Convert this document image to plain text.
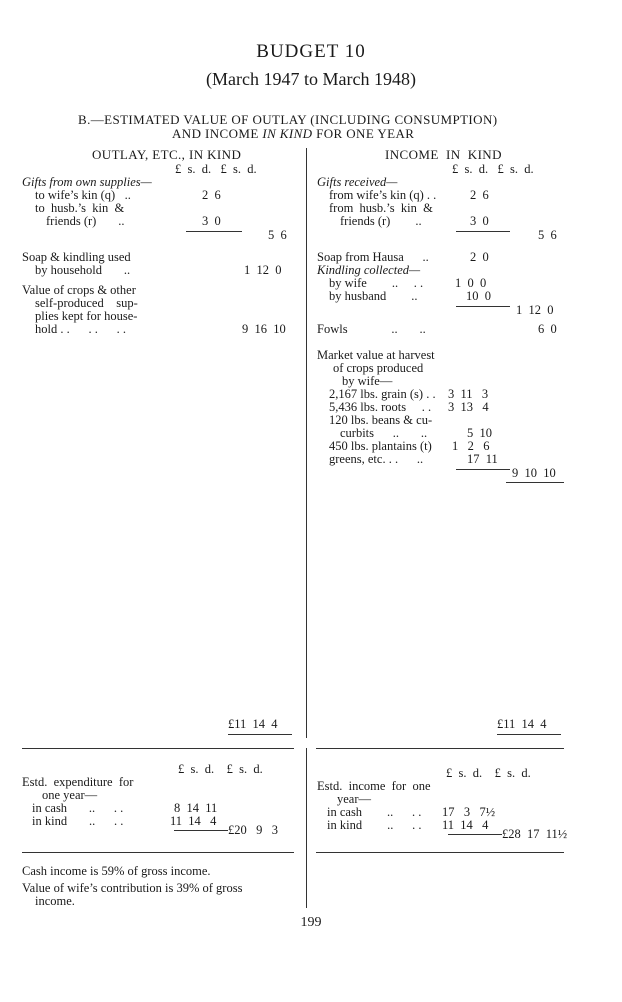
BUDGET 10
(March 1947 to March 1948)
B.—ESTIMATED VALUE OF OUTLAY (INCLUDING CONSUMPTION)
AND INCOME IN KIND FOR ONE YEAR
OUTLAY, ETC., IN KIND
£  s.  d.   £  s.  d.
Gifts from own supplies—
to wife’s kin (q)   ..	2  6
to  husb.’s  kin  &
friends (r)       ..	3  0
5  6
Soap & kindling used
by household       ..	1  12  0
Value of crops & other
self-produced    sup-
plies kept for house-
hold . .      . .      . .	9  16  10
£11  14  4
INCOME  IN  KIND
£  s.  d.   £  s.  d.
Gifts received—
from wife’s kin (q) . .	2  6
from  husb.’s  kin  &
friends (r)        ..	3  0
5  6
Soap from Hausa      ..	2  0
Kindling collected—
by wife        ..     . .	1  0  0
by husband        ..	10  0
1  12  0
Fowls              ..       ..	6  0
Market value at harvest
of crops produced
by wife—
2,167 lbs. grain (s) . . 3  11   3
5,436 lbs. roots     . . 3  13   4
120 lbs. beans & cu-
curbits      ..       ..	5  10
450 lbs. plantains (t) 1   2   6
greens, etc. . .      ..	17  11
9  10  10
£11  14  4
£  s.  d.    £  s.  d.
Estd.  expenditure  for
one year—
in cash       ..      . .	8  14  11
in kind       ..      . .	11  14   4
£20   9   3
£  s.  d.    £  s.  d.
Estd.  income  for  one
year—
in cash        ..      . . 17   3   7½
in kind        ..      . . 11  14   4
£28  17  11½
Cash income is 59% of gross income.
Value of wife’s contribution is 39% of gross
income.
199
